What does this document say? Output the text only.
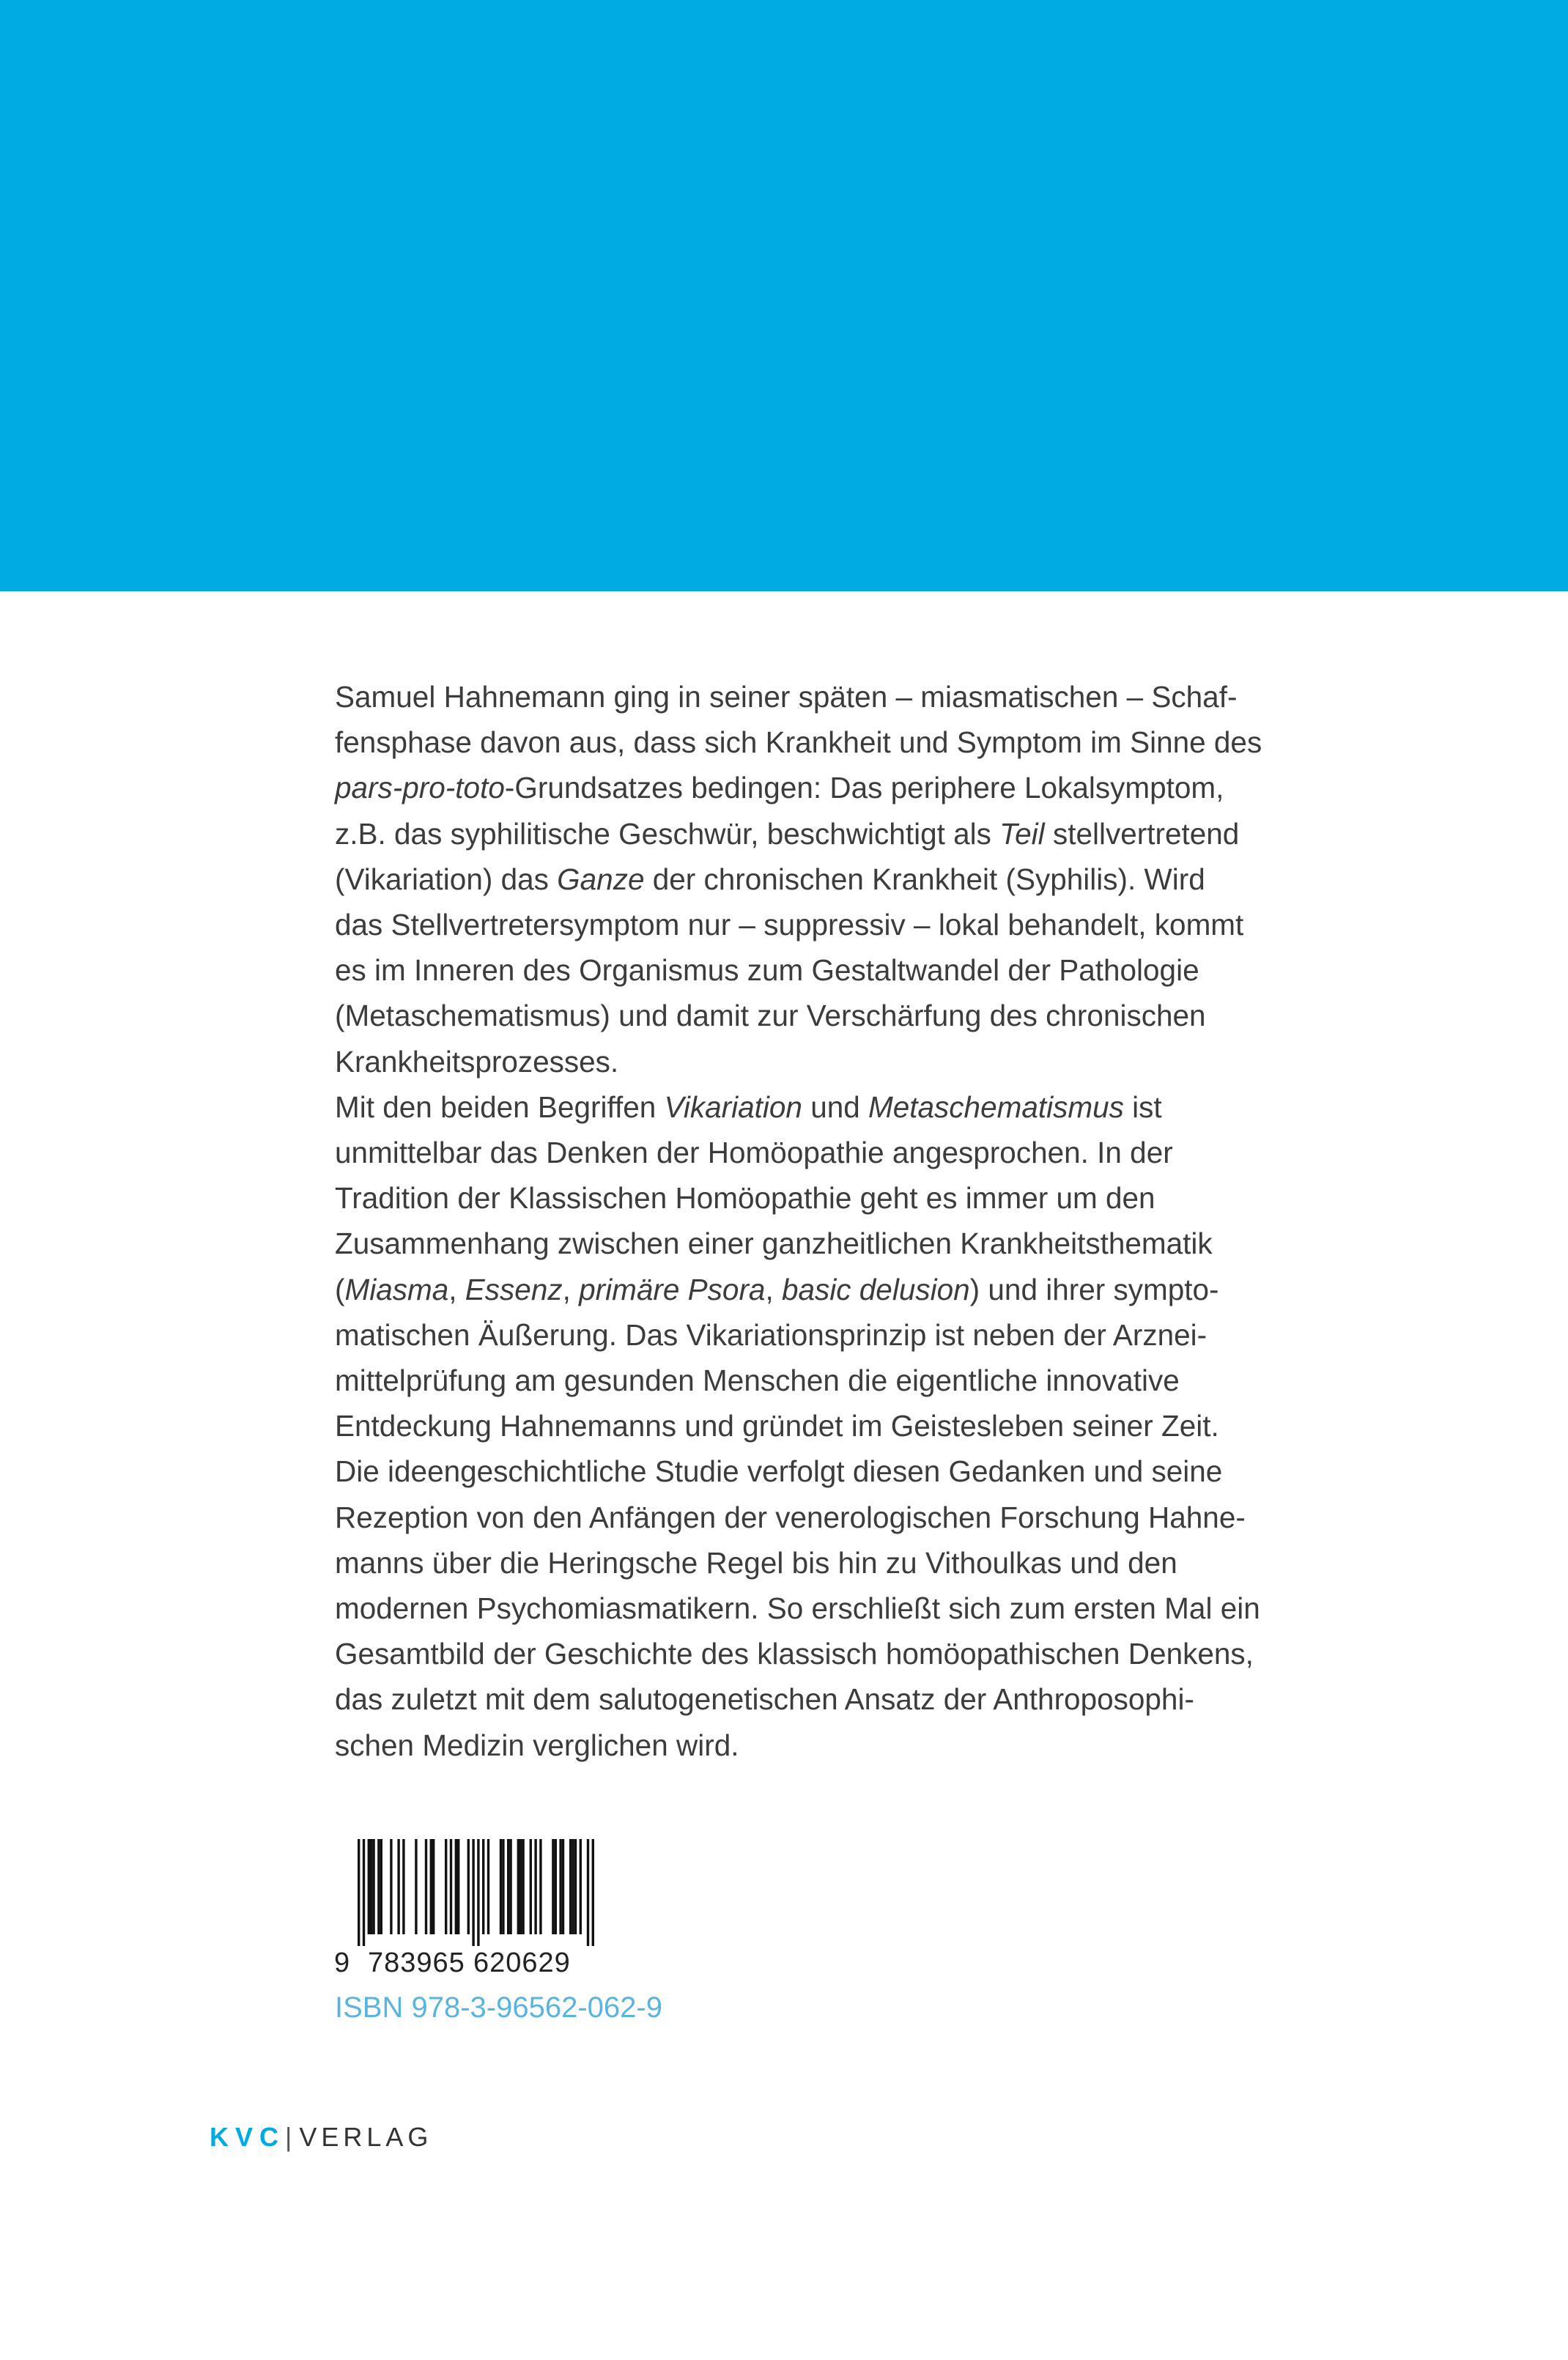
Samuel Hahnemann ging in seiner späten – miasmatischen – Schaf-
fensphase davon aus, dass sich Krankheit und Symptom im Sinne des
pars-pro-toto-Grundsatzes bedingen: Das periphere Lokalsymptom,
z.B. das syphilitische Geschwür, beschwichtigt als Teil stellvertretend
(Vikariation) das Ganze der chronischen Krankheit (Syphilis). Wird
das Stellvertretersymptom nur – suppressiv – lokal behandelt, kommt
es im Inneren des Organismus zum Gestaltwandel der Pathologie
(Metaschematismus) und damit zur Verschärfung des chronischen
Krankheitsprozesses.
Mit den beiden Begriffen Vikariation und Metaschematismus ist
unmittelbar das Denken der Homöopathie angesprochen. In der
Tradition der Klassischen Homöopathie geht es immer um den
Zusammenhang zwischen einer ganzheitlichen Krankheitsthematik
(Miasma, Essenz, primäre Psora, basic delusion) und ihrer sympto-
matischen Äußerung. Das Vikariationsprinzip ist neben der Arznei-
mittelprüfung am gesunden Menschen die eigentliche innovative
Entdeckung Hahnemanns und gründet im Geistesleben seiner Zeit.
Die ideengeschichtliche Studie verfolgt diesen Gedanken und seine
Rezeption von den Anfängen der venerologischen Forschung Hahne-
manns über die Heringsche Regel bis hin zu Vithoulkas und den
modernen Psychomiasmatikern. So erschließt sich zum ersten Mal ein
Gesamtbild der Geschichte des klassisch homöopathischen Denkens,
das zuletzt mit dem salutogenetischen Ansatz der Anthroposophi-
schen Medizin verglichen wird.
9 783965 620629
ISBN 978-3-96562-062-9
KVC| VERLAG
